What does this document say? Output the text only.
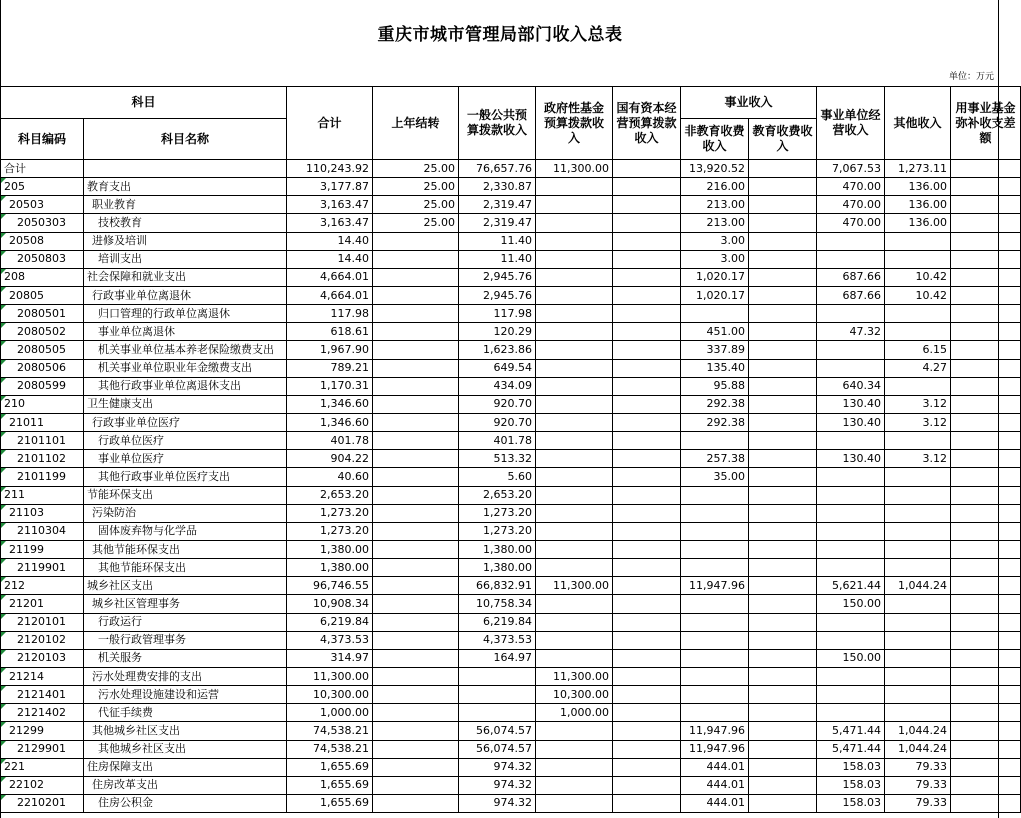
重庆市城市管理局部门收入总表
单位：万元
科目		合计	上年结转	一般公共预算拨款收入	政府性基金预算拨款收入	国有资本经营预算拨款收入	事业收入		事业单位经营收入	其他收入	用事业基金弥补收支差额
科目编码	科目名称						非教育收费收入	教育收费收入			
合计		110,243.92	25.00	76,657.76	11,300.00		13,920.52		7,067.53	1,273.11	
205	教育支出	3,177.87	25.00	2,330.87			216.00		470.00	136.00	
20503	职业教育	3,163.47	25.00	2,319.47			213.00		470.00	136.00	
2050303	技校教育	3,163.47	25.00	2,319.47			213.00		470.00	136.00	
20508	进修及培训	14.40		11.40			3.00				
2050803	培训支出	14.40		11.40			3.00				
208	社会保障和就业支出	4,664.01		2,945.76			1,020.17		687.66	10.42	
20805	行政事业单位离退休	4,664.01		2,945.76			1,020.17		687.66	10.42	
2080501	归口管理的行政单位离退休	117.98		117.98							
2080502	事业单位离退休	618.61		120.29			451.00		47.32		
2080505	机关事业单位基本养老保险缴费支出	1,967.90		1,623.86			337.89			6.15	
2080506	机关事业单位职业年金缴费支出	789.21		649.54			135.40			4.27	
2080599	其他行政事业单位离退休支出	1,170.31		434.09			95.88		640.34		
210	卫生健康支出	1,346.60		920.70			292.38		130.40	3.12	
21011	行政事业单位医疗	1,346.60		920.70			292.38		130.40	3.12	
2101101	行政单位医疗	401.78		401.78							
2101102	事业单位医疗	904.22		513.32			257.38		130.40	3.12	
2101199	其他行政事业单位医疗支出	40.60		5.60			35.00				
211	节能环保支出	2,653.20		2,653.20							
21103	污染防治	1,273.20		1,273.20							
2110304	固体废弃物与化学品	1,273.20		1,273.20							
21199	其他节能环保支出	1,380.00		1,380.00							
2119901	其他节能环保支出	1,380.00		1,380.00							
212	城乡社区支出	96,746.55		66,832.91	11,300.00		11,947.96		5,621.44	1,044.24	
21201	城乡社区管理事务	10,908.34		10,758.34					150.00		
2120101	行政运行	6,219.84		6,219.84							
2120102	一般行政管理事务	4,373.53		4,373.53							
2120103	机关服务	314.97		164.97					150.00		
21214	污水处理费安排的支出	11,300.00			11,300.00						
2121401	污水处理设施建设和运营	10,300.00			10,300.00						
2121402	代征手续费	1,000.00			1,000.00						
21299	其他城乡社区支出	74,538.21		56,074.57			11,947.96		5,471.44	1,044.24	
2129901	其他城乡社区支出	74,538.21		56,074.57			11,947.96		5,471.44	1,044.24	
221	住房保障支出	1,655.69		974.32			444.01		158.03	79.33	
22102	住房改革支出	1,655.69		974.32			444.01		158.03	79.33	
2210201	住房公积金	1,655.69		974.32			444.01		158.03	79.33	
